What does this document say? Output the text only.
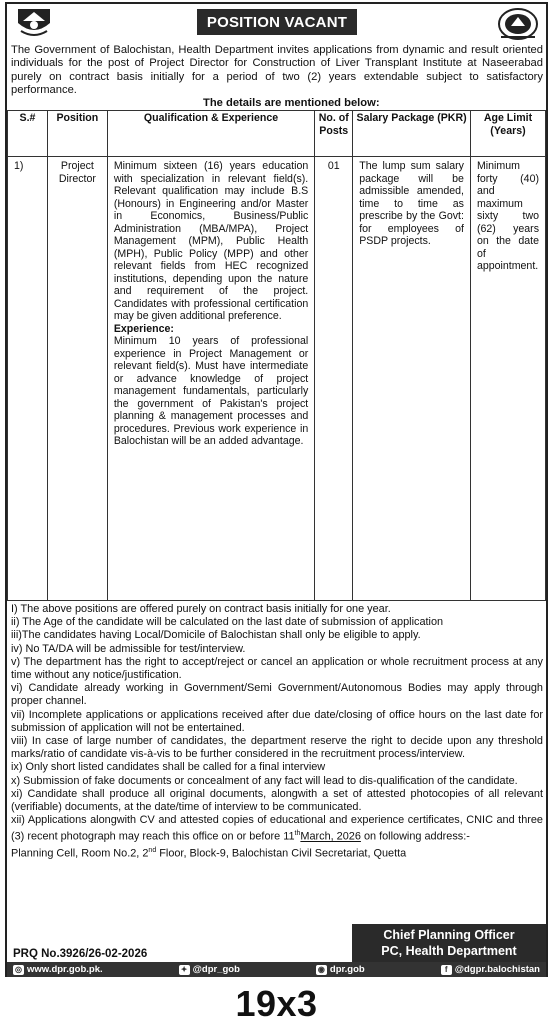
POSITION VACANT

The Government of Balochistan, Health Department invites applications from dynamic and result oriented individuals for the post of Project Director for Construction of Liver Transplant Institute at Naseerabad purely on contract basis initially for a period of two (2) years extendable subject to satisfactory performance.

The details are mentioned below:

S.#	Position	Qualification & Experience	No. of Posts	Salary Package (PKR)	Age Limit (Years)
1)	Project Director	Minimum sixteen (16) years education with specialization in relevant field(s). Relevant qualification may include B.S (Honours) in Engineering and/or Master in Economics, Business/Public Administration (MBA/MPA), Project Management (MPM), Public Health (MPH), Public Policy (MPP) and other relevant fields from HEC recognized institutions, depending upon the nature and requirement of the project. Candidates with professional certification may be given additional preference.
Experience:
Minimum 10 years of professional experience in Project Management or relevant field(s). Must have intermediate or advance knowledge of project management fundamentals, particularly the government of Pakistan's project planning & management processes and procedures. Previous work experience in Balochistan will be an added advantage.	01	The lump sum salary package will be admissible amended, time to time as prescribe by the Govt: for employees of PSDP projects.	Minimum forty (40) and maximum sixty two (62) years on the date of appointment.

I) The above positions are offered purely on contract basis initially for one year.

ii) The Age of the candidate will be calculated on the last date of submission of application

iii)The candidates having Local/Domicile of Balochistan shall only be eligible to apply.

iv) No TA/DA will be admissible for test/interview.

v) The department has the right to accept/reject or cancel an application or whole recruitment process at any time without any notice/justification.

vi) Candidate already working in Government/Semi Government/Autonomous Bodies may apply through proper channel.

vii) Incomplete applications or applications received after due date/closing of office hours on the last date for submission of application will not be entertained.

viii) In case of large number of candidates, the department reserve the right to decide upon any threshold marks/ratio of candidate vis-à-vis to be further considered in the recruitment process/interview.

ix) Only short listed candidates shall be called for a final interview

x) Submission of fake documents or concealment of any fact will lead to dis-qualification of the candidate.

xi) Candidate shall produce all original documents, alongwith a set of attested photocopies of all relevant (verifiable) documents, at the date/time of interview to be communicated.

xii) Applications alongwith CV and attested copies of educational and experience certificates, CNIC and three (3) recent photograph may reach this office on or before 11thMarch, 2026 on following address:-

Planning Cell, Room No.2, 2nd Floor, Block-9, Balochistan Civil Secretariat, Quetta

PRQ No.3926/26-02-2026
Chief Planning Officer
PC, Health Department
◎ www.dpr.gob.pk.	✦ @dpr_gob	◉ dpr.gob	f @dgpr.balochistan
19x3
